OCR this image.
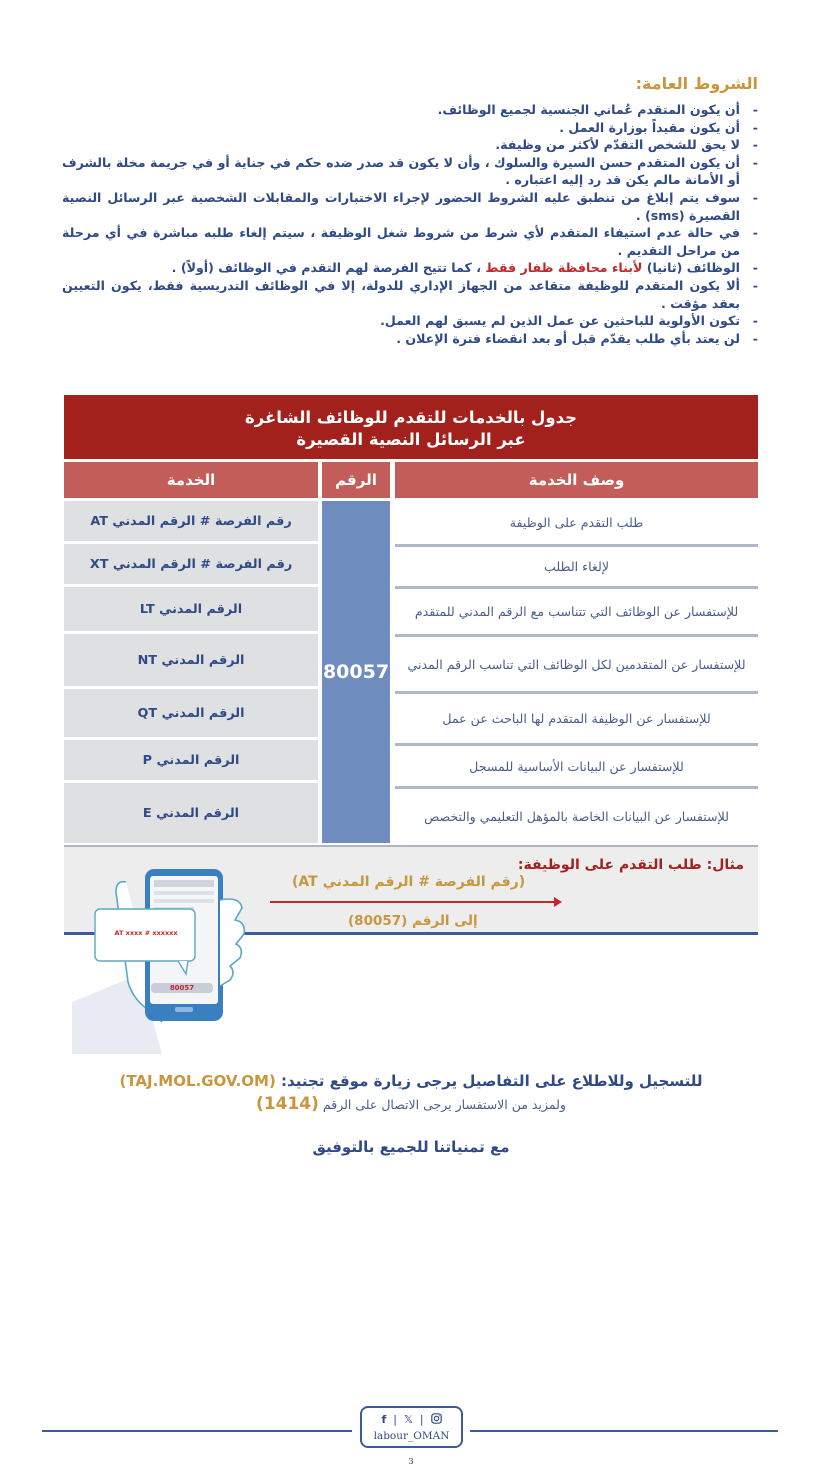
الشروط العامة:
- أن يكون المتقدم عُماني الجنسية لجميع الوظائف.
- أن يكون مقيداً بوزارة العمل .
- لا يحق للشخص التقدّم لأكثر من وظيفة.
- أن يكون المتقدم حسن السيرة والسلوك ، وأن لا يكون قد صدر ضده حكم في جناية أو في جريمة مخلة بالشرف أو الأمانة مالم يكن قد رد إليه اعتباره .
- سوف يتم إبلاغ من تنطبق عليه الشروط الحضور لإجراء الاختبارات والمقابلات الشخصية عبر الرسائل النصية القصيرة (sms) .
- في حالة عدم استيفاء المتقدم لأي شرط من شروط شغل الوظيفة ، سيتم إلغاء طلبه مباشرة في أي مرحلة من مراحل التقديم .
- الوظائف (ثانيا) لأبناء محافظة ظفار فقط ، كما تتيح الفرصة لهم التقدم في الوظائف (أولاً) .
- ألا يكون المتقدم للوظيفة متقاعد من الجهاز الإداري للدولة، إلا في الوظائف التدريسية فقط، يكون التعيين بعقد مؤقت .
- تكون الأولوية للباحثين عن عمل الذين لم يسبق لهم العمل.
- لن يعتد بأي طلب يقدّم قبل أو بعد انقضاء فترة الإعلان .
جدول بالخدمات للتقدم للوظائف الشاغرة
عبر الرسائل النصية القصيرة
الخدمة	الرقم	وصف الخدمة
رقم الفرصة # الرقم المدني AT
رقم الفرصة # الرقم المدني XT
الرقم المدني LT
الرقم المدني NT
الرقم المدني QT
الرقم المدني P
الرقم المدني E
80057
طلب التقدم على الوظيفة
لإلغاء الطلب
للإستفسار عن الوظائف التي تتناسب مع الرقم المدني للمتقدم
للإستفسار عن المتقدمين لكل الوظائف التي تناسب الرقم المدني
للإستفسار عن الوظيفة المتقدم لها الباحث عن عمل
للإستفسار عن البيانات الأساسية للمسجل
للإستفسار عن البيانات الخاصة بالمؤهل التعليمي والتخصص
مثال: طلب التقدم على الوظيفة:
(رقم الفرصة # الرقم المدني AT)
إلى الرقم (80057)
AT xxxx # xxxxxx
80057
للتسجيل وللاطلاع على التفاصيل يرجى زيارة موقع تجنيد: (TAJ.MOL.GOV.OM)
ولمزيد من الاستفسار يرجى الاتصال على الرقم (1414)
مع تمنياتنا للجميع بالتوفيق
f | 𝕏 |
labour_OMAN
3
